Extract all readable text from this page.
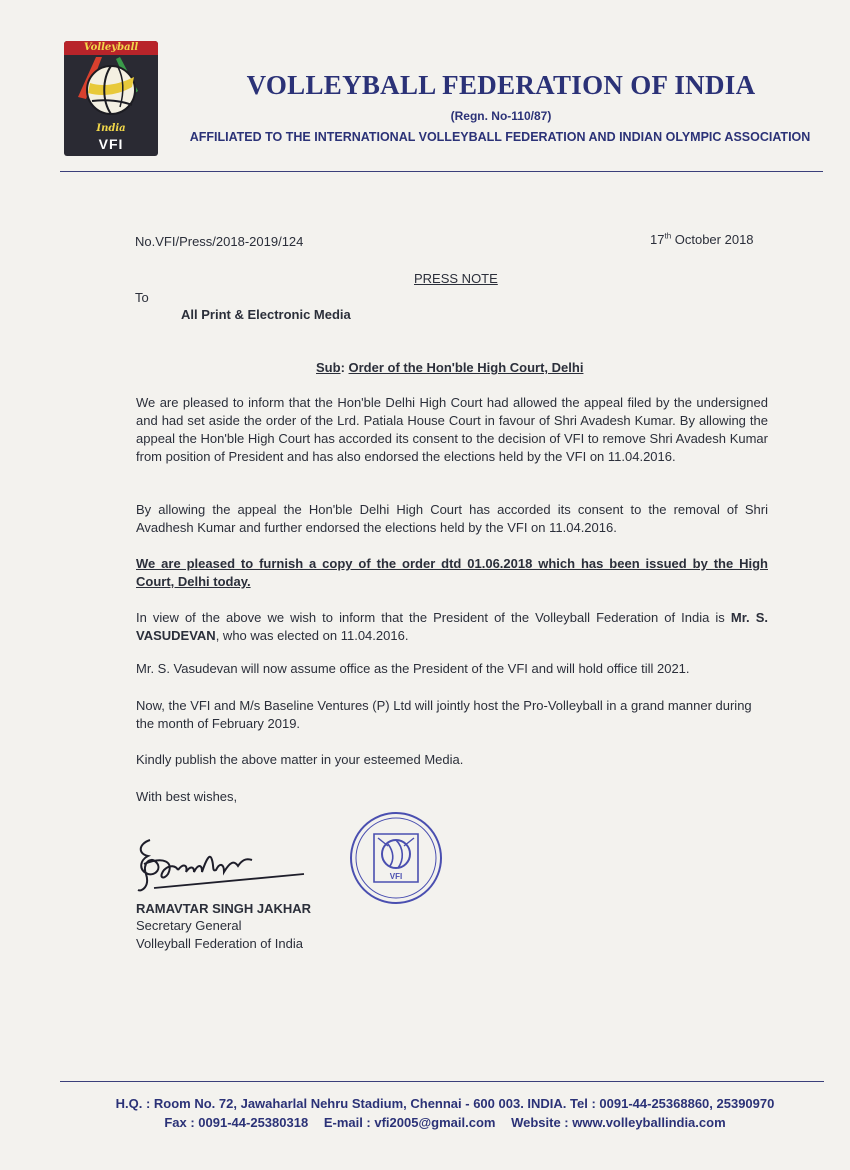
Volleyball
India
VFI
VOLLEYBALL FEDERATION OF INDIA
(Regn. No-110/87)
AFFILIATED TO THE INTERNATIONAL VOLLEYBALL FEDERATION AND INDIAN OLYMPIC ASSOCIATION
No.VFI/Press/2018-2019/124	17th October 2018
PRESS NOTE
To
All Print & Electronic Media
Sub: Order of the Hon'ble High Court, Delhi
We are pleased to inform that the Hon'ble Delhi High Court had allowed the appeal filed by the undersigned and had set aside the order of the Lrd. Patiala House Court in favour of Shri Avadesh Kumar. By allowing the appeal the Hon'ble High Court has accorded its consent to the decision of VFI to remove Shri Avadesh Kumar from position of President and has also endorsed the elections held by the VFI on 11.04.2016.
By allowing the appeal the Hon'ble Delhi High Court has accorded its consent to the removal of Shri Avadhesh Kumar and further endorsed the elections held by the VFI on 11.04.2016.
We are pleased to furnish a copy of the order dtd 01.06.2018 which has been issued by the High Court, Delhi today.
In view of the above we wish to inform that the President of the Volleyball Federation of India is Mr. S. VASUDEVAN, who was elected on 11.04.2016.
Mr. S. Vasudevan will now assume office as the President of the VFI and will hold office till 2021.
Now, the VFI and M/s Baseline Ventures (P) Ltd will jointly host the Pro-Volleyball in a grand manner during the month of February 2019.
Kindly publish the above matter in your esteemed Media.
With best wishes,
VFI
RAMAVTAR SINGH JAKHAR
Secretary General
Volleyball Federation of India
H.Q. : Room No. 72, Jawaharlal Nehru Stadium, Chennai - 600 003. INDIA. Tel : 0091-44-25368860, 25390970
Fax : 0091-44-25380318 E-mail : vfi2005@gmail.com Website : www.volleyballindia.com
